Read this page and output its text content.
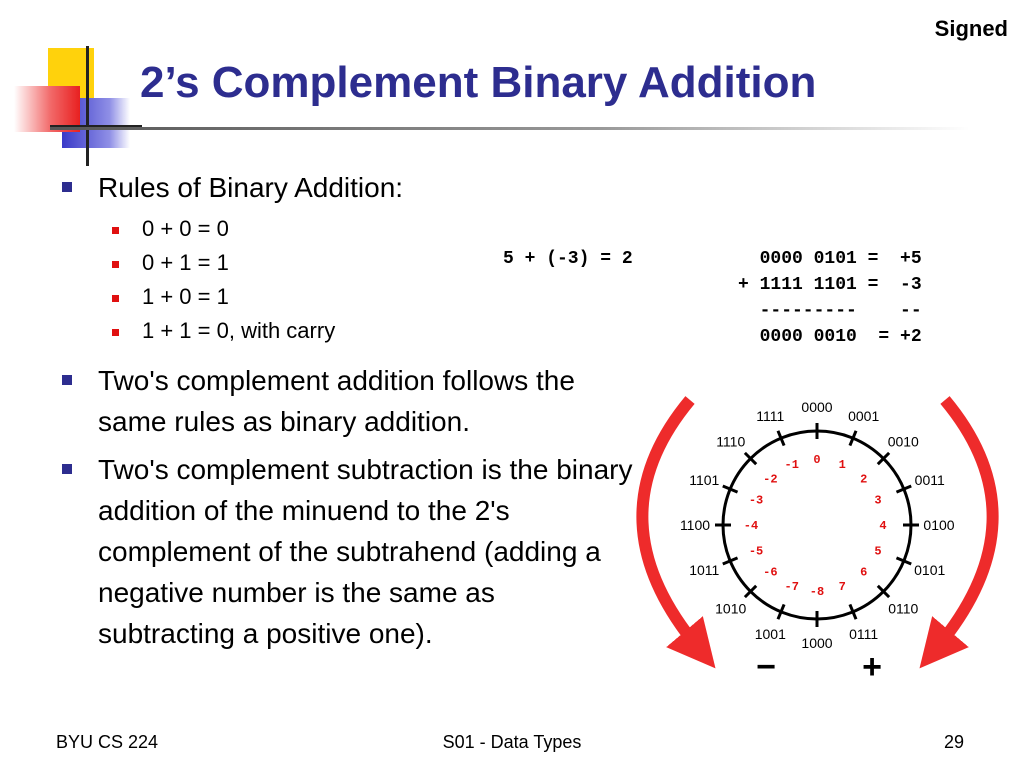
Signed
2’s Complement Binary Addition
Rules of Binary Addition:
0 + 0 = 0
0 + 1 = 1
1 + 0 = 1
1 + 1 = 0, with carry
Two's complement addition follows the same rules as binary addition.
Two's complement subtraction is the binary addition of the minuend to the 2's complement of the subtrahend (adding a negative number is the same as subtracting a positive one).
5 + (-3) = 2	0000 0101 =  +5
+ 1111 1101 =  -3
---------    --
0000 0010  = +2
0000
0
0001
1
0010
2	0011
3
0100
4
0101
5
0110
6
0111
7
1000
-8
1001
-7
1010
-6
1011
-5
1100	-4
1101
-3
1110
-2
1111
-1
−	+
BYU CS 224	S01 - Data Types	29
